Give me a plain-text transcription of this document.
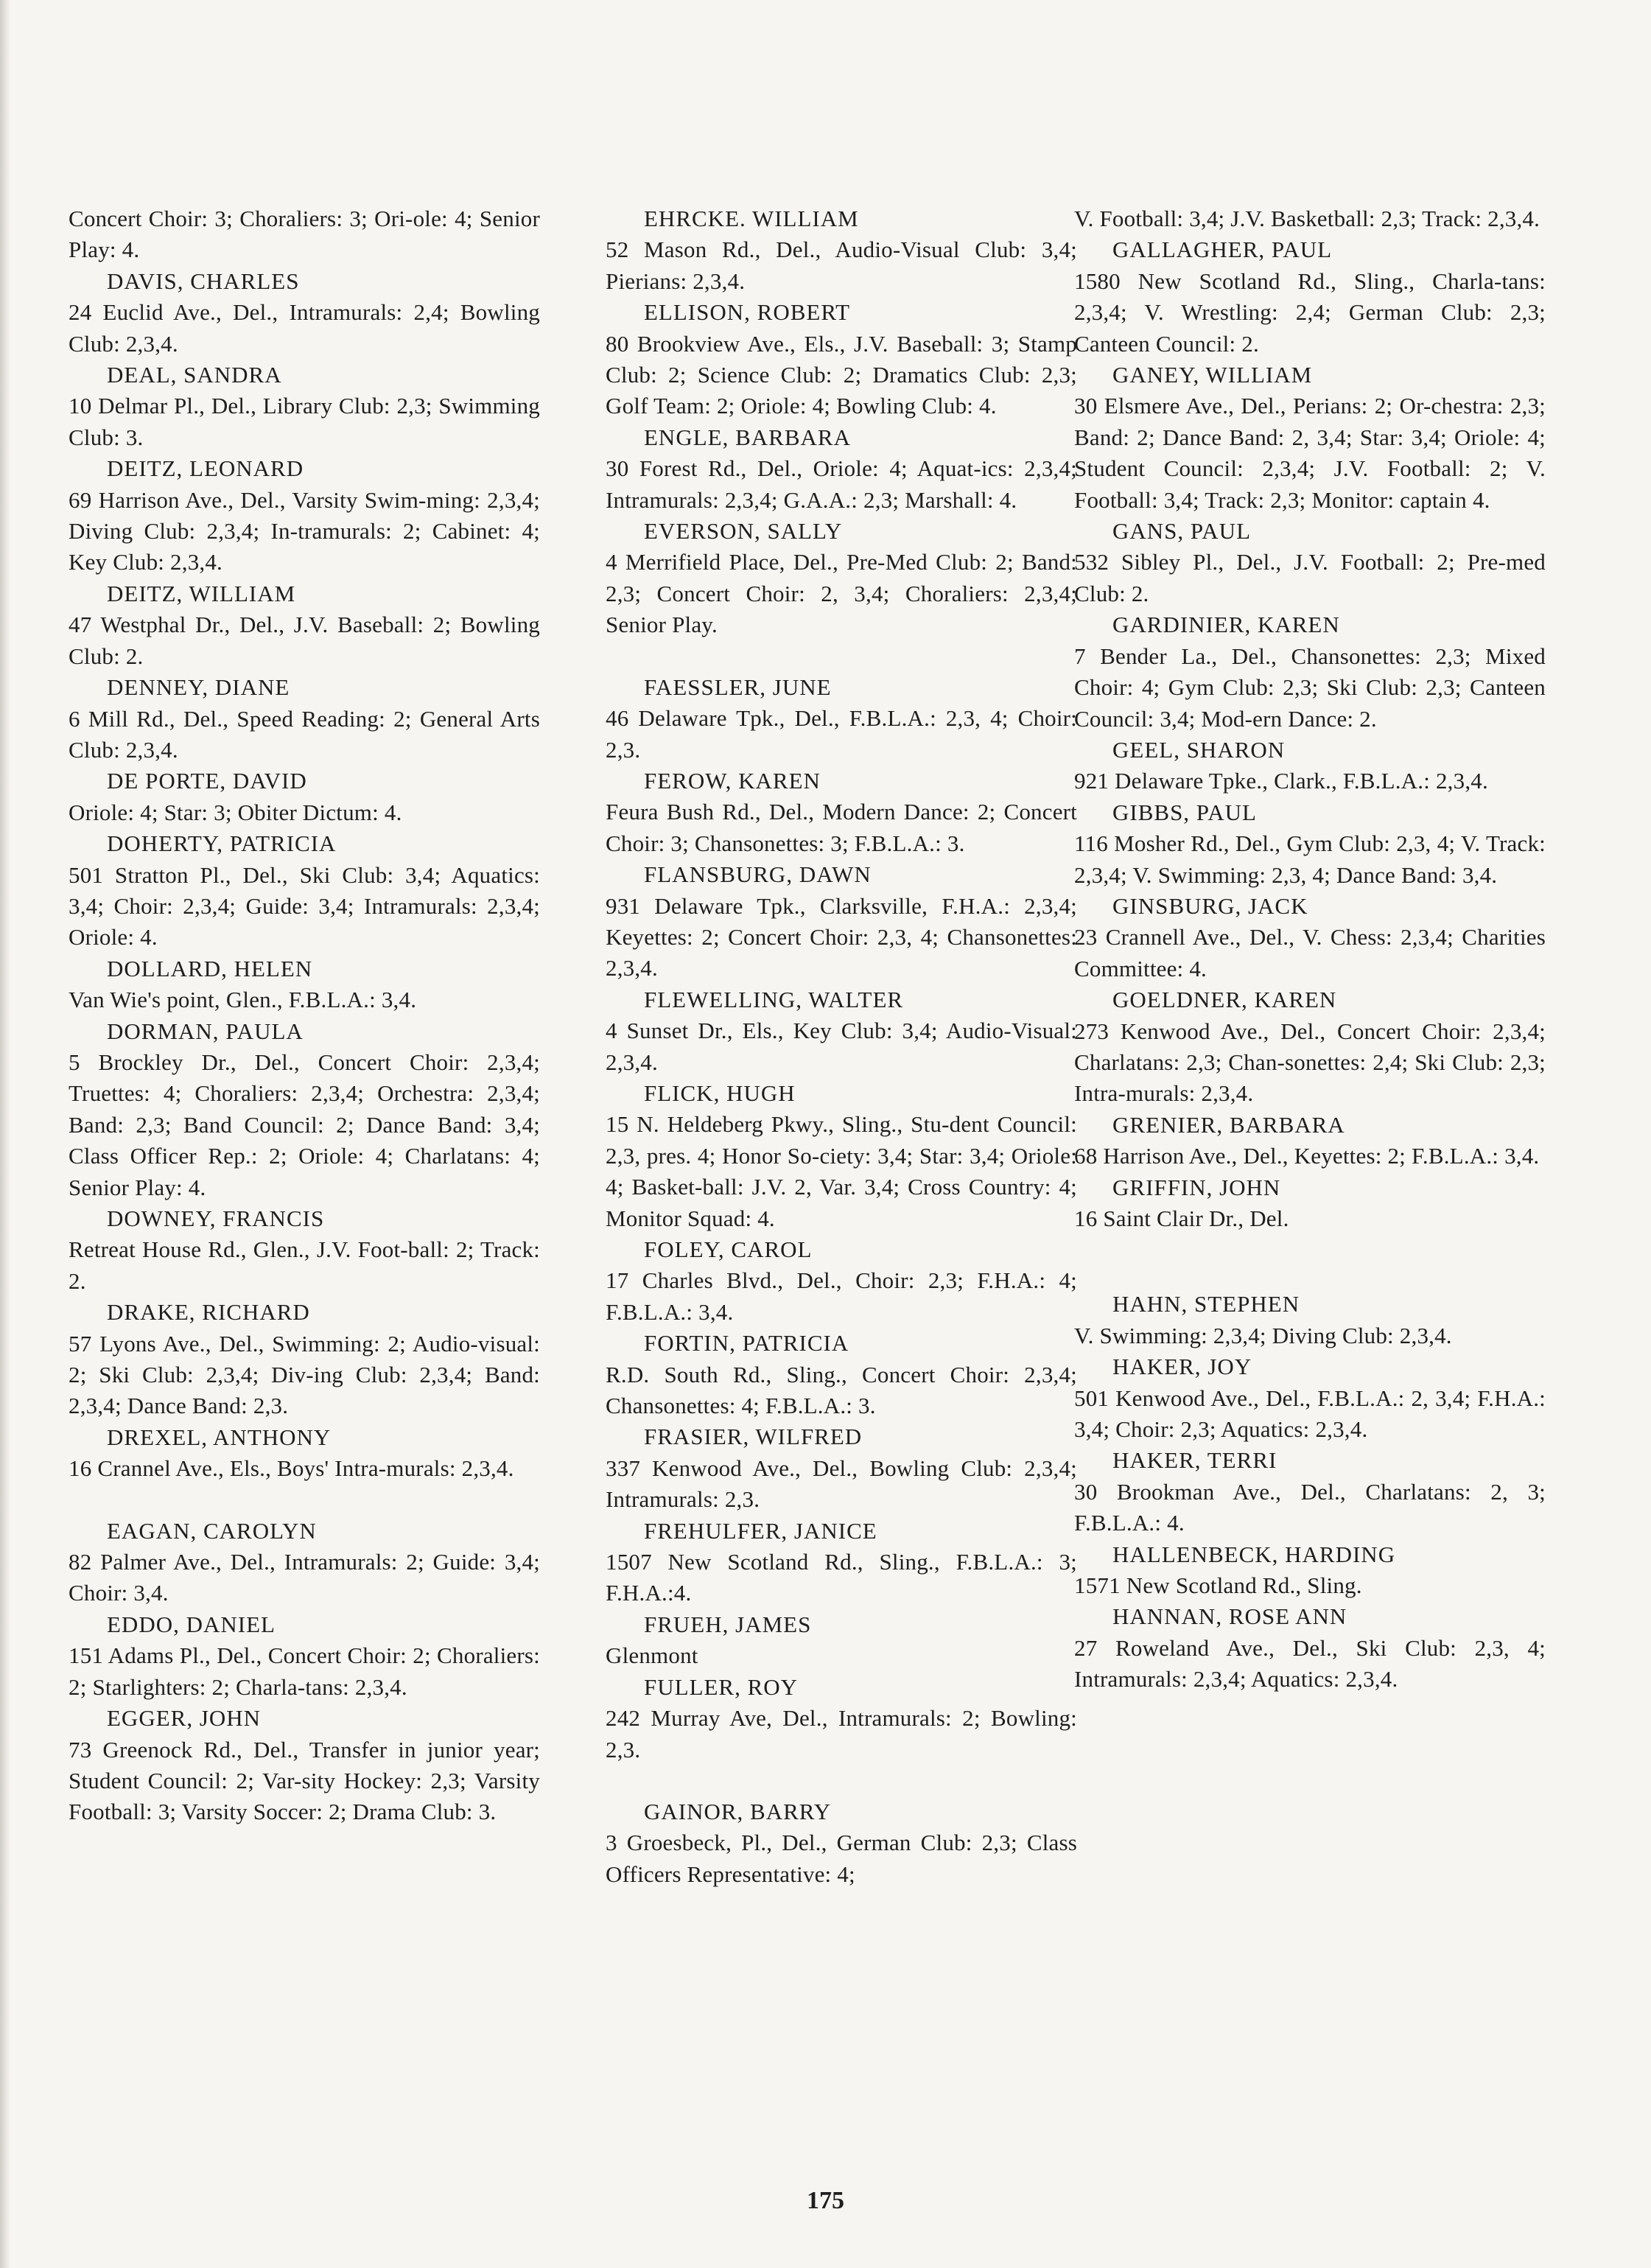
Concert Choir: 3; Choraliers: 3; Ori-ole: 4; Senior Play: 4.
DAVIS, CHARLES
24 Euclid Ave., Del., Intramurals: 2,4; Bowling Club: 2,3,4.
DEAL, SANDRA
10 Delmar Pl., Del., Library Club: 2,3; Swimming Club: 3.
DEITZ, LEONARD
69 Harrison Ave., Del., Varsity Swim-ming: 2,3,4; Diving Club: 2,3,4; In-tramurals: 2; Cabinet: 4; Key Club: 2,3,4.
DEITZ, WILLIAM
47 Westphal Dr., Del., J.V. Baseball: 2; Bowling Club: 2.
DENNEY, DIANE
6 Mill Rd., Del., Speed Reading: 2; General Arts Club: 2,3,4.
DE PORTE, DAVID
Oriole: 4; Star: 3; Obiter Dictum: 4.
DOHERTY, PATRICIA
501 Stratton Pl., Del., Ski Club: 3,4; Aquatics: 3,4; Choir: 2,3,4; Guide: 3,4; Intramurals: 2,3,4; Oriole: 4.
DOLLARD, HELEN
Van Wie's point, Glen., F.B.L.A.: 3,4.
DORMAN, PAULA
5 Brockley Dr., Del., Concert Choir: 2,3,4; Truettes: 4; Choraliers: 2,3,4; Orchestra: 2,3,4; Band: 2,3; Band Council: 2; Dance Band: 3,4; Class Officer Rep.: 2; Oriole: 4; Charlatans: 4; Senior Play: 4.
DOWNEY, FRANCIS
Retreat House Rd., Glen., J.V. Foot-ball: 2; Track: 2.
DRAKE, RICHARD
57 Lyons Ave., Del., Swimming: 2; Audio-visual: 2; Ski Club: 2,3,4; Div-ing Club: 2,3,4; Band: 2,3,4; Dance Band: 2,3.
DREXEL, ANTHONY
16 Crannel Ave., Els., Boys' Intra-murals: 2,3,4.
EAGAN, CAROLYN
82 Palmer Ave., Del., Intramurals: 2; Guide: 3,4; Choir: 3,4.
EDDO, DANIEL
151 Adams Pl., Del., Concert Choir: 2; Choraliers: 2; Starlighters: 2; Charla-tans: 2,3,4.
EGGER, JOHN
73 Greenock Rd., Del., Transfer in junior year; Student Council: 2; Var-sity Hockey: 2,3; Varsity Football: 3; Varsity Soccer: 2; Drama Club: 3.
EHRCKE. WILLIAM
52 Mason Rd., Del., Audio-Visual Club: 3,4; Pierians: 2,3,4.
ELLISON, ROBERT
80 Brookview Ave., Els., J.V. Baseball: 3; Stamp Club: 2; Science Club: 2; Dramatics Club: 2,3; Golf Team: 2; Oriole: 4; Bowling Club: 4.
ENGLE, BARBARA
30 Forest Rd., Del., Oriole: 4; Aquat-ics: 2,3,4; Intramurals: 2,3,4; G.A.A.: 2,3; Marshall: 4.
EVERSON, SALLY
4 Merrifield Place, Del., Pre-Med Club: 2; Band: 2,3; Concert Choir: 2, 3,4; Choraliers: 2,3,4; Senior Play.
FAESSLER, JUNE
46 Delaware Tpk., Del., F.B.L.A.: 2,3, 4; Choir: 2,3.
FEROW, KAREN
Feura Bush Rd., Del., Modern Dance: 2; Concert Choir: 3; Chansonettes: 3; F.B.L.A.: 3.
FLANSBURG, DAWN
931 Delaware Tpk., Clarksville, F.H.A.: 2,3,4; Keyettes: 2; Concert Choir: 2,3, 4; Chansonettes: 2,3,4.
FLEWELLING, WALTER
4 Sunset Dr., Els., Key Club: 3,4; Audio-Visual: 2,3,4.
FLICK, HUGH
15 N. Heldeberg Pkwy., Sling., Stu-dent Council: 2,3, pres. 4; Honor So-ciety: 3,4; Star: 3,4; Oriole: 4; Basket-ball: J.V. 2, Var. 3,4; Cross Country: 4; Monitor Squad: 4.
FOLEY, CAROL
17 Charles Blvd., Del., Choir: 2,3; F.H.A.: 4; F.B.L.A.: 3,4.
FORTIN, PATRICIA
R.D. South Rd., Sling., Concert Choir: 2,3,4; Chansonettes: 4; F.B.L.A.: 3.
FRASIER, WILFRED
337 Kenwood Ave., Del., Bowling Club: 2,3,4; Intramurals: 2,3.
FREHULFER, JANICE
1507 New Scotland Rd., Sling., F.B.L.A.: 3; F.H.A.:4.
FRUEH, JAMES
Glenmont
FULLER, ROY
242 Murray Ave, Del., Intramurals: 2; Bowling: 2,3.
GAINOR, BARRY
3 Groesbeck, Pl., Del., German Club: 2,3; Class Officers Representative: 4;
V. Football: 3,4; J.V. Basketball: 2,3; Track: 2,3,4.
GALLAGHER, PAUL
1580 New Scotland Rd., Sling., Charla-tans: 2,3,4; V. Wrestling: 2,4; German Club: 2,3; Canteen Council: 2.
GANEY, WILLIAM
30 Elsmere Ave., Del., Perians: 2; Or-chestra: 2,3; Band: 2; Dance Band: 2, 3,4; Star: 3,4; Oriole: 4; Student Council: 2,3,4; J.V. Football: 2; V. Football: 3,4; Track: 2,3; Monitor: captain 4.
GANS, PAUL
532 Sibley Pl., Del., J.V. Football: 2; Pre-med Club: 2.
GARDINIER, KAREN
7 Bender La., Del., Chansonettes: 2,3; Mixed Choir: 4; Gym Club: 2,3; Ski Club: 2,3; Canteen Council: 3,4; Mod-ern Dance: 2.
GEEL, SHARON
921 Delaware Tpke., Clark., F.B.L.A.: 2,3,4.
GIBBS, PAUL
116 Mosher Rd., Del., Gym Club: 2,3, 4; V. Track: 2,3,4; V. Swimming: 2,3, 4; Dance Band: 3,4.
GINSBURG, JACK
23 Crannell Ave., Del., V. Chess: 2,3,4; Charities Committee: 4.
GOELDNER, KAREN
273 Kenwood Ave., Del., Concert Choir: 2,3,4; Charlatans: 2,3; Chan-sonettes: 2,4; Ski Club: 2,3; Intra-murals: 2,3,4.
GRENIER, BARBARA
68 Harrison Ave., Del., Keyettes: 2; F.B.L.A.: 3,4.
GRIFFIN, JOHN
16 Saint Clair Dr., Del.
HAHN, STEPHEN
V. Swimming: 2,3,4; Diving Club: 2,3,4.
HAKER, JOY
501 Kenwood Ave., Del., F.B.L.A.: 2, 3,4; F.H.A.: 3,4; Choir: 2,3; Aquatics: 2,3,4.
HAKER, TERRI
30 Brookman Ave., Del., Charlatans: 2, 3; F.B.L.A.: 4.
HALLENBECK, HARDING
1571 New Scotland Rd., Sling.
HANNAN, ROSE ANN
27 Roweland Ave., Del., Ski Club: 2,3, 4; Intramurals: 2,3,4; Aquatics: 2,3,4.
175
